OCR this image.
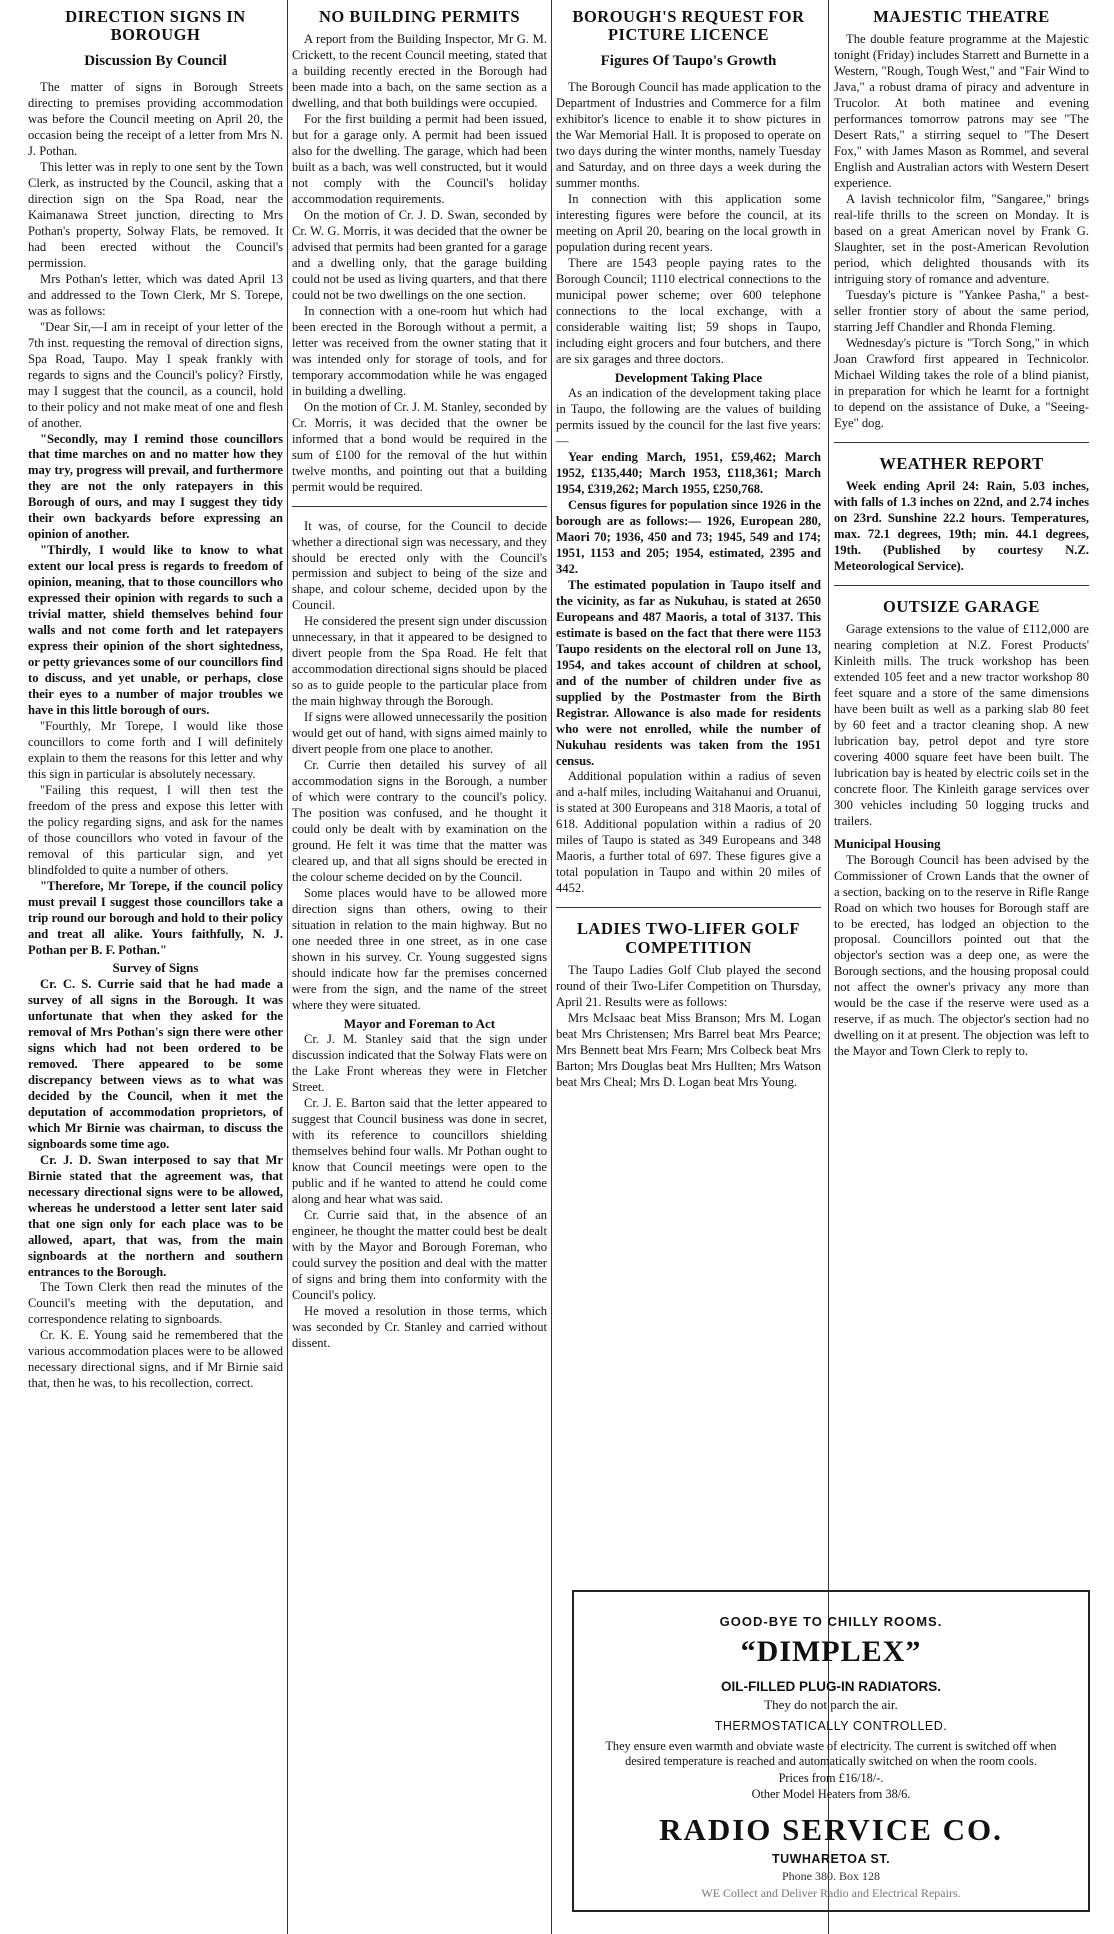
DIRECTION SIGNS IN BOROUGH
Discussion By Council

The matter of signs in Borough Streets directing to premises providing accommodation was before the Council meeting on April 20, the occasion being the receipt of a letter from Mrs N. J. Pothan.

This letter was in reply to one sent by the Town Clerk, as instructed by the Council, asking that a direction sign on the Spa Road, near the Kaimanawa Street junction, directing to Mrs Pothan's property, Solway Flats, be removed. It had been erected without the Council's permission.

Mrs Pothan's letter, which was dated April 13 and addressed to the Town Clerk, Mr S. Torepe, was as follows:

"Dear Sir,—I am in receipt of your letter of the 7th inst. requesting the removal of direction signs, Spa Road, Taupo. May I speak frankly with regards to signs and the Council's policy? Firstly, may I suggest that the council, as a council, hold to their policy and not make meat of one and flesh of another.

"Secondly, may I remind those councillors that time marches on and no matter how they may try, progress will prevail, and furthermore they are not the only ratepayers in this Borough of ours, and may I suggest they tidy their own backyards before expressing an opinion of another.

"Thirdly, I would like to know to what extent our local press is regards to freedom of opinion, meaning, that to those councillors who expressed their opinion with regards to such a trivial matter, shield themselves behind four walls and not come forth and let ratepayers express their opinion of the short sightedness, or petty grievances some of our councillors find to discuss, and yet unable, or perhaps, close their eyes to a number of major troubles we have in this little borough of ours.

"Fourthly, Mr Torepe, I would like those councillors to come forth and I will definitely explain to them the reasons for this letter and why this sign in particular is absolutely necessary.

"Failing this request, I will then test the freedom of the press and expose this letter with the policy regarding signs, and ask for the names of those councillors who voted in favour of the removal of this particular sign, and yet blindfolded to quite a number of others.

"Therefore, Mr Torepe, if the council policy must prevail I suggest those councillors take a trip round our borough and hold to their policy and treat all alike. Yours faithfully, N. J. Pothan per B. F. Pothan."

Survey of Signs

Cr. C. S. Currie said that he had made a survey of all signs in the Borough. It was unfortunate that when they asked for the removal of Mrs Pothan's sign there were other signs which had not been ordered to be removed. There appeared to be some discrepancy between views as to what was decided by the Council, when it met the deputation of accommodation proprietors, of which Mr Birnie was chairman, to discuss the signboards some time ago.

Cr. J. D. Swan interposed to say that Mr Birnie stated that the agreement was, that necessary directional signs were to be allowed, whereas he understood a letter sent later said that one sign only for each place was to be allowed, apart, that was, from the main signboards at the northern and southern entrances to the Borough.

The Town Clerk then read the minutes of the Council's meeting with the deputation, and correspondence relating to signboards.

Cr. K. E. Young said he remembered that the various accommodation places were to be allowed necessary directional signs, and if Mr Birnie said that, then he was, to his recollection, correct.

NO BUILDING PERMITS

A report from the Building Inspector, Mr G. M. Crickett, to the recent Council meeting, stated that a building recently erected in the Borough had been made into a bach, on the same section as a dwelling, and that both buildings were occupied.

For the first building a permit had been issued, but for a garage only. A permit had been issued also for the dwelling. The garage, which had been built as a bach, was well constructed, but it would not comply with the Council's holiday accommodation requirements.

On the motion of Cr. J. D. Swan, seconded by Cr. W. G. Morris, it was decided that the owner be advised that permits had been granted for a garage and a dwelling only, that the garage building could not be used as living quarters, and that there could not be two dwellings on the one section.

In connection with a one-room hut which had been erected in the Borough without a permit, a letter was received from the owner stating that it was intended only for storage of tools, and for temporary accommodation while he was engaged in building a dwelling.

On the motion of Cr. J. M. Stanley, seconded by Cr. Morris, it was decided that the owner be informed that a bond would be required in the sum of £100 for the removal of the hut within twelve months, and pointing out that a building permit would be required.

It was, of course, for the Council to decide whether a directional sign was necessary, and they should be erected only with the Council's permission and subject to being of the size and shape, and colour scheme, decided upon by the Council.

He considered the present sign under discussion unnecessary, in that it appeared to be designed to divert people from the Spa Road. He felt that accommodation directional signs should be placed so as to guide people to the particular place from the main highway through the Borough.

If signs were allowed unnecessarily the position would get out of hand, with signs aimed mainly to divert people from one place to another.

Cr. Currie then detailed his survey of all accommodation signs in the Borough, a number of which were contrary to the council's policy. The position was confused, and he thought it could only be dealt with by examination on the ground. He felt it was time that the matter was cleared up, and that all signs should be erected in the colour scheme decided on by the Council.

Some places would have to be allowed more direction signs than others, owing to their situation in relation to the main highway. But no one needed three in one street, as in one case shown in his survey. Cr. Young suggested signs should indicate how far the premises concerned were from the sign, and the name of the street where they were situated.

Mayor and Foreman to Act

Cr. J. M. Stanley said that the sign under discussion indicated that the Solway Flats were on the Lake Front whereas they were in Fletcher Street.

Cr. J. E. Barton said that the letter appeared to suggest that Council business was done in secret, with its reference to councillors shielding themselves behind four walls. Mr Pothan ought to know that Council meetings were open to the public and if he wanted to attend he could come along and hear what was said.

Cr. Currie said that, in the absence of an engineer, he thought the matter could best be dealt with by the Mayor and Borough Foreman, who could survey the position and deal with the matter of signs and bring them into conformity with the Council's policy.

He moved a resolution in those terms, which was seconded by Cr. Stanley and carried without dissent.

BOROUGH'S REQUEST FOR PICTURE LICENCE
Figures Of Taupo's Growth

The Borough Council has made application to the Department of Industries and Commerce for a film exhibitor's licence to enable it to show pictures in the War Memorial Hall. It is proposed to operate on two days during the winter months, namely Tuesday and Saturday, and on three days a week during the summer months.

In connection with this application some interesting figures were before the council, at its meeting on April 20, bearing on the local growth in population during recent years.

There are 1543 people paying rates to the Borough Council; 1110 electrical connections to the municipal power scheme; over 600 telephone connections to the local exchange, with a considerable waiting list; 59 shops in Taupo, including eight grocers and four butchers, and there are six garages and three doctors.

Development Taking Place

As an indication of the development taking place in Taupo, the following are the values of building permits issued by the council for the last five years:—

Year ending March, 1951, £59,462; March 1952, £135,440; March 1953, £118,361; March 1954, £319,262; March 1955, £250,768.

Census figures for population since 1926 in the borough are as follows:— 1926, European 280, Maori 70; 1936, 450 and 73; 1945, 549 and 174; 1951, 1153 and 205; 1954, estimated, 2395 and 342.

The estimated population in Taupo itself and the vicinity, as far as Nukuhau, is stated at 2650 Europeans and 487 Maoris, a total of 3137. This estimate is based on the fact that there were 1153 Taupo residents on the electoral roll on June 13, 1954, and takes account of children at school, and of the number of children under five as supplied by the Postmaster from the Birth Registrar. Allowance is also made for residents who were not enrolled, while the number of Nukuhau residents was taken from the 1951 census.

Additional population within a radius of seven and a-half miles, including Waitahanui and Oruanui, is stated at 300 Europeans and 318 Maoris, a total of 618. Additional population within a radius of 20 miles of Taupo is stated as 349 Europeans and 348 Maoris, a further total of 697. These figures give a total population in Taupo and within 20 miles of 4452.

LADIES TWO-LIFER GOLF COMPETITION

The Taupo Ladies Golf Club played the second round of their Two-Lifer Competition on Thursday, April 21. Results were as follows:

Mrs McIsaac beat Miss Branson; Mrs M. Logan beat Mrs Christensen; Mrs Barrel beat Mrs Pearce; Mrs Bennett beat Mrs Fearn; Mrs Colbeck beat Mrs Barton; Mrs Douglas beat Mrs Hullten; Mrs Watson beat Mrs Cheal; Mrs D. Logan beat Mrs Young.

MAJESTIC THEATRE

The double feature programme at the Majestic tonight (Friday) includes Starrett and Burnette in a Western, "Rough, Tough West," and "Fair Wind to Java," a robust drama of piracy and adventure in Trucolor. At both matinee and evening performances tomorrow patrons may see "The Desert Rats," a stirring sequel to "The Desert Fox," with James Mason as Rommel, and several English and Australian actors with Western Desert experience.

A lavish technicolor film, "Sangaree," brings real-life thrills to the screen on Monday. It is based on a great American novel by Frank G. Slaughter, set in the post-American Revolution period, which delighted thousands with its intriguing story of romance and adventure.

Tuesday's picture is "Yankee Pasha," a best-seller frontier story of about the same period, starring Jeff Chandler and Rhonda Fleming.

Wednesday's picture is "Torch Song," in which Joan Crawford first appeared in Technicolor. Michael Wilding takes the role of a blind pianist, in preparation for which he learnt for a fortnight to depend on the assistance of Duke, a "Seeing-Eye" dog.

WEATHER REPORT

Week ending April 24: Rain, 5.03 inches, with falls of 1.3 inches on 22nd, and 2.74 inches on 23rd. Sunshine 22.2 hours. Temperatures, max. 72.1 degrees, 19th; min. 44.1 degrees, 19th. (Published by courtesy N.Z. Meteorological Service).

OUTSIZE GARAGE

Garage extensions to the value of £112,000 are nearing completion at N.Z. Forest Products' Kinleith mills. The truck workshop has been extended 105 feet and a new tractor workshop 80 feet square and a store of the same dimensions have been built as well as a parking slab 80 feet by 60 feet and a tractor cleaning shop. A new lubrication bay, petrol depot and tyre store covering 4000 square feet have been built. The lubrication bay is heated by electric coils set in the concrete floor. The Kinleith garage services over 300 vehicles including 50 logging trucks and trailers.

Municipal Housing

The Borough Council has been advised by the Commissioner of Crown Lands that the owner of a section, backing on to the reserve in Rifle Range Road on which two houses for Borough staff are to be erected, has lodged an objection to the proposal. Councillors pointed out that the objector's section was a deep one, as were the Borough sections, and the housing proposal could not affect the owner's privacy any more than would be the case if the reserve were used as a reserve, if as much. The objector's section had no dwelling on it at present. The objection was left to the Mayor and Town Clerk to reply to.

GOOD-BYE TO CHILLY ROOMS.
“DIMPLEX”
OIL-FILLED PLUG-IN RADIATORS.
They do not parch the air.
THERMOSTATICALLY CONTROLLED.
They ensure even warmth and obviate waste of electricity. The current is switched off when desired temperature is reached and automatically switched on when the room cools.
Prices from £16/18/-.
Other Model Heaters from 38/6.
RADIO SERVICE CO.
TUWHARETOA ST.
Phone 380. Box 128
WE Collect and Deliver Radio and Electrical Repairs.
